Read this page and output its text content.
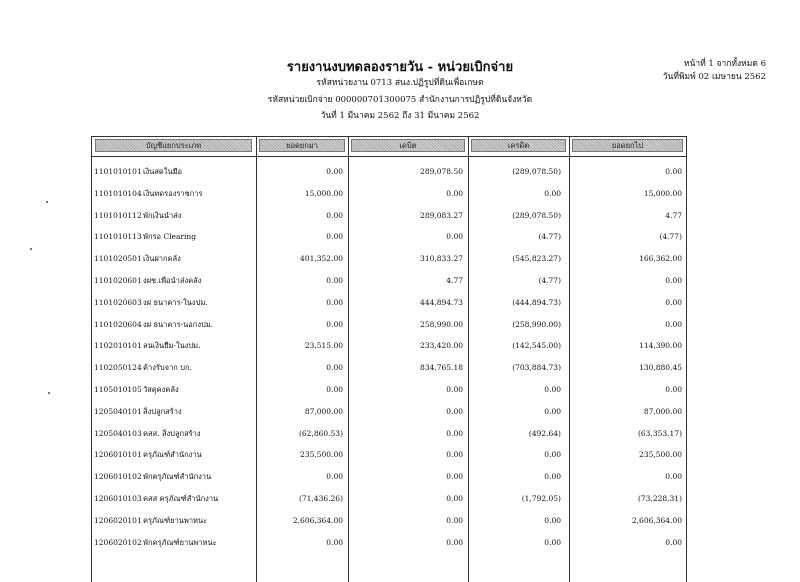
รายงานงบทดลองรายวัน - หน่วยเบิกจ่าย
รหัสหน่วยงาน 0713 สนง.ปฏิรูปที่ดินเพื่อเกษต
รหัสหน่วยเบิกจ่าย 000000701300075 สำนักงานการปฏิรูปที่ดินจังหวัด
วันที่ 1 มีนาคม 2562 ถึง 31 มีนาคม 2562
หน้าที่ 1 จากทั้งหมด 6
วันที่พิมพ์ 02 เมษายน 2562
บัญชีแยกประเภท	ยอดยกมา	เดบิต	เครดิต	ยอดยกไป
1101010101 เงินสดในมือ	0.00	289,078.50	(289,078.50)	0.00
1101010104 เงินทดรองราชการ	15,000.00	0.00	0.00	15,000.00
1101010112 พักเงินนำส่ง	0.00	289,083.27	(289,078.50)	4.77
1101010113 พักรอ Clearing	0.00	0.00	(4.77)	(4.77)
1101020501 เงินฝากคลัง	401,352.00	310,833.27	(545,823.27)	166,362.00
1101020601 งฝช.เพื่อนำส่งคลัง	0.00	4.77	(4.77)	0.00
1101020603 งฝ ธนาคาร-ในงปม.	0.00	444,894.73	(444,894.73)	0.00
1101020604 งฝ ธนาคาร-นอกงปม.	0.00	258,990.00	(258,990.00)	0.00
1102010101 ลนเงินยืม-ในงปม.	23,515.00	233,420.00	(142,545.00)	114,390.00
1102050124 ค้างรับจาก บก.	0.00	834,765.18	(703,884.73)	130,880.45
1105010105 วัสดุคงคลัง	0.00	0.00	0.00	0.00
1205040101 สิ่งปลูกสร้าง	87,000.00	0.00	0.00	87,000.00
1205040103 คสส. สิ่งปลูกสร้าง	(62,860.53)	0.00	(492.64)	(63,353.17)
1206010101 ครุภัณฑ์สำนักงาน	235,500.00	0.00	0.00	235,500.00
1206010102 พักครุภัณฑ์สำนักงาน	0.00	0.00	0.00	0.00
1206010103 คสส ครุภัณฑ์สำนักงาน	(71,436.26)	0.00	(1,792.05)	(73,228.31)
1206020101 ครุภัณฑ์ยานพาหนะ	2,606,364.00	0.00	0.00	2,606,364.00
1206020102 พักครุภัณฑ์ยานพาหนะ	0.00	0.00	0.00	0.00
